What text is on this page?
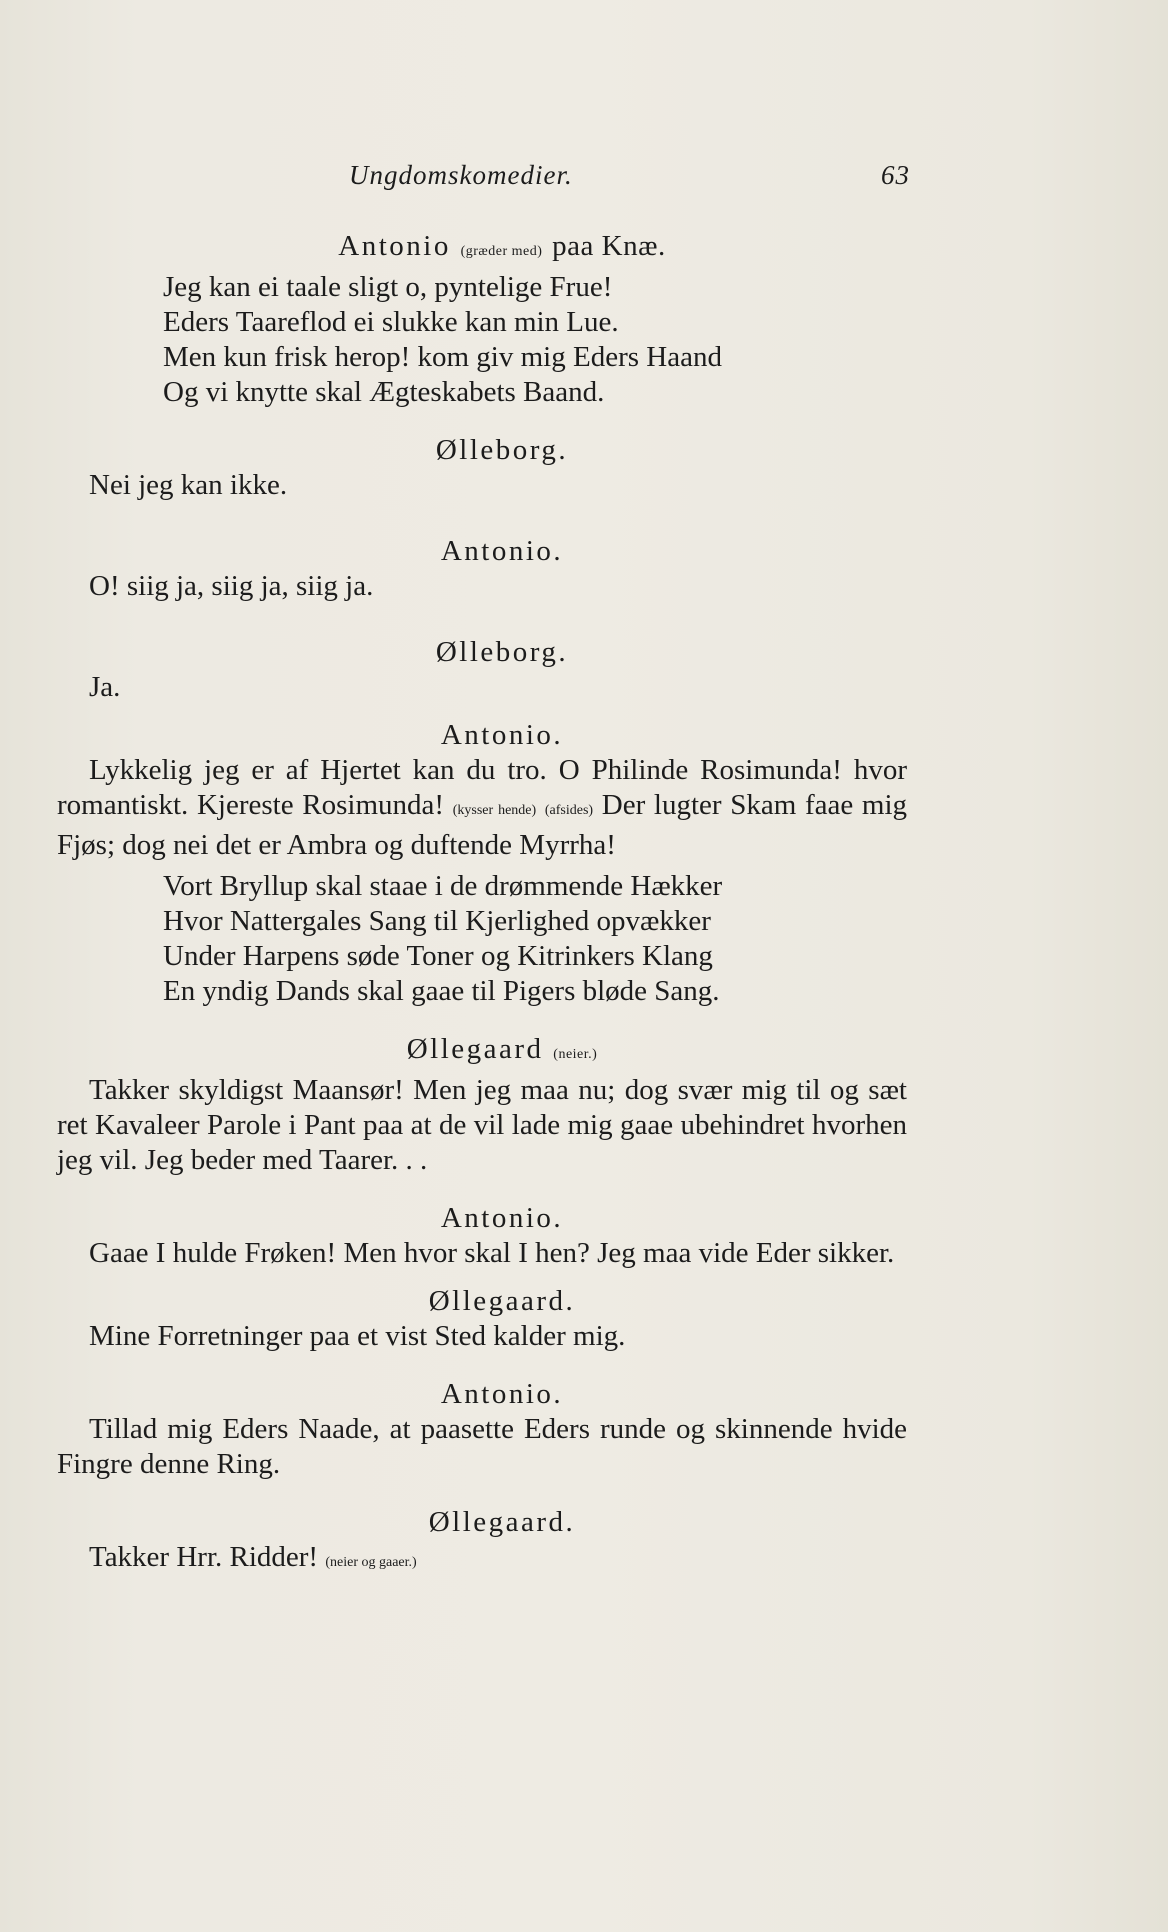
Ungdomskomedier.	63
Antonio (græder med) paa Knæ.
Jeg kan ei taale sligt o, pyntelige Frue!
Eders Taareflod ei slukke kan min Lue.
Men kun frisk herop! kom giv mig Eders Haand
Og vi knytte skal Ægteskabets Baand.
Ølleborg.

Nei jeg kan ikke.

Antonio.

O! siig ja, siig ja, siig ja.

Ølleborg.

Ja.

Antonio.

Lykkelig jeg er af Hjertet kan du tro. O Philinde Rosimunda! hvor romantiskt. Kjereste Rosimunda! (kysser hende) (afsides) Der lugter Skam faae mig Fjøs; dog nei det er Ambra og duftende Myrrha!

Vort Bryllup skal staae i de drømmende Hækker
Hvor Nattergales Sang til Kjerlighed opvækker
Under Harpens søde Toner og Kitrinkers Klang
En yndig Dands skal gaae til Pigers bløde Sang.
Øllegaard (neier.)

Takker skyldigst Maansør! Men jeg maa nu; dog svær mig til og sæt ret Kavaleer Parole i Pant paa at de vil lade mig gaae ubehindret hvorhen jeg vil. Jeg beder med Taarer. . .

Antonio.

Gaae I hulde Frøken! Men hvor skal I hen? Jeg maa vide Eder sikker.

Øllegaard.

Mine Forretninger paa et vist Sted kalder mig.

Antonio.

Tillad mig Eders Naade, at paasette Eders runde og skinnende hvide Fingre denne Ring.

Øllegaard.

Takker Hrr. Ridder! (neier og gaaer.)
